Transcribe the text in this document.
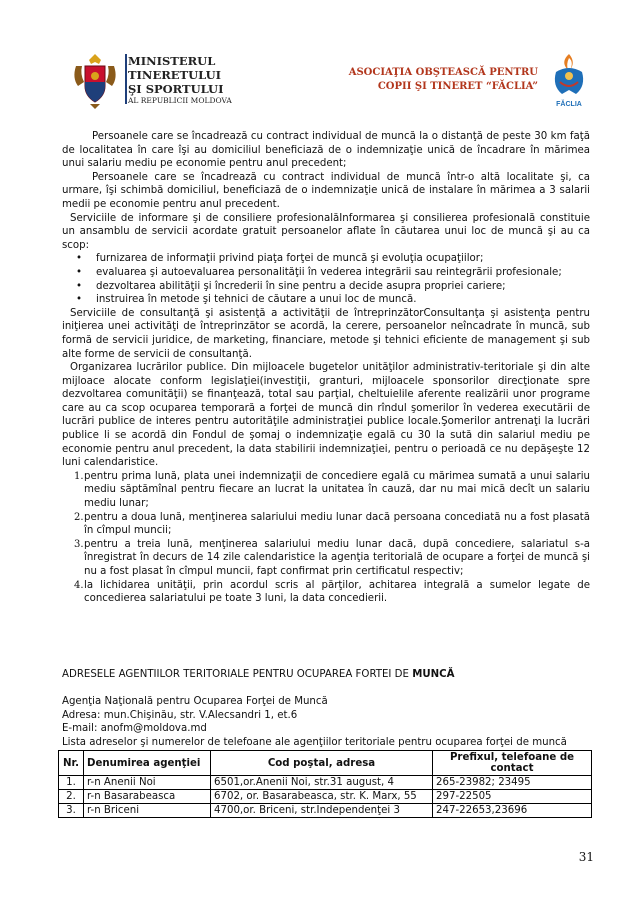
MINISTERUL
TINERETULUI
ŞI SPORTULUI
AL REPUBLICII MOLDOVA
ASOCIAŢIA OBŞTEASCĂ PENTRU
COPII ŞI TINERET “FĂCLIA”
FĂCLIA

Persoanele care se încadrează cu contract individual de muncă la o distanţă de peste 30 km faţă de localitatea în care îşi au domiciliul beneficiază de o indemnizaţie unică de încadrare în mărimea unui salariu mediu pe economie pentru anul precedent;

Persoanele care se încadrează cu contract individual de muncă într-o altă localitate şi, ca urmare, îşi schimbă domiciliul, beneficiază de o indemnizaţie unică de instalare în mărimea a 3 salarii medii pe economie pentru anul precedent.

Serviciile de informare şi de consiliere profesionalăInformarea şi consilierea profesională constituie un ansamblu de servicii acordate gratuit persoanelor aflate în căutarea unui loc de muncă şi au ca scop:

• furnizarea de informaţii privind piaţa forţei de muncă şi evoluţia ocupaţiilor;
• evaluarea şi autoevaluarea personalităţii în vederea integrării sau reintegrării profesionale;
• dezvoltarea abilităţii şi încrederii în sine pentru a decide asupra propriei cariere;
• instruirea în metode şi tehnici de căutare a unui loc de muncă.

Serviciile de consultanţă şi asistenţă a activităţii de întreprinzătorConsultanţa şi asistenţa pentru iniţierea unei activităţi de întreprinzător se acordă, la cerere, persoanelor neîncadrate în muncă, sub formă de servicii juridice, de marketing, financiare, metode şi tehnici eficiente de management şi sub alte forme de servicii de consultanţă.

Organizarea lucrărilor publice. Din mijloacele bugetelor unităţilor administrativ-teritoriale şi din alte mijloace alocate conform legislaţiei(investiţii, granturi, mijloacele sponsorilor direcţionate spre dezvoltarea comunităţii) se finanţează, total sau parţial, cheltuielile aferente realizării unor programe care au ca scop ocuparea temporară a forţei de muncă din rîndul şomerilor în vederea executării de lucrări publice de interes pentru autorităţile administraţiei publice locale.Şomerilor antrenaţi la lucrări publice li se acordă din Fondul de şomaj o indemnizaţie egală cu 30 la sută din salariul mediu pe economie pentru anul precedent, la data stabilirii indemnizaţiei, pentru o perioadă ce nu depăşeşte 12 luni calendaristice.

1. pentru prima lună, plata unei indemnizaţii de concediere egală cu mărimea sumată a unui salariu mediu săptămînal pentru fiecare an lucrat la unitatea în cauză, dar nu mai mică decît un salariu mediu lunar;
2. pentru a doua lună, menţinerea salariului mediu lunar dacă persoana concediată nu a fost plasată în cîmpul muncii;
3. pentru a treia lună, menţinerea salariului mediu lunar dacă, după concediere, salariatul s-a înregistrat în decurs de 14 zile calendaristice la agenţia teritorială de ocupare a forţei de muncă şi nu a fost plasat în cîmpul muncii, fapt confirmat prin certificatul respectiv;
4. la lichidarea unităţii, prin acordul scris al părţilor, achitarea integrală a sumelor legate de concedierea salariatului pe toate 3 luni, la data concedierii.
ADRESELE AGENTIILOR TERITORIALE PENTRU OCUPAREA FORTEI DE MUNCĂ
Agenţia Naţională pentru Ocuparea Forţei de Muncă
Adresa: mun.Chişinău, str. V.Alecsandri 1, et.6
E-mail: anofm@moldova.md
Lista adreselor şi numerelor de telefoane ale agenţiilor teritoriale pentru ocuparea forţei de muncă
Nr.	Denumirea agenţiei	Cod poştal, adresa	Prefixul, telefoane de contact
1.	r-n Anenii Noi	6501,or.Anenii Noi, str.31 august, 4	265-23982; 23495
2.	r-n Basarabeasca	6702, or. Basarabeasca, str. K. Marx, 55	297-22505
3.	r-n Briceni	4700,or. Briceni, str.Independenţei 3	247-22653,23696
31
